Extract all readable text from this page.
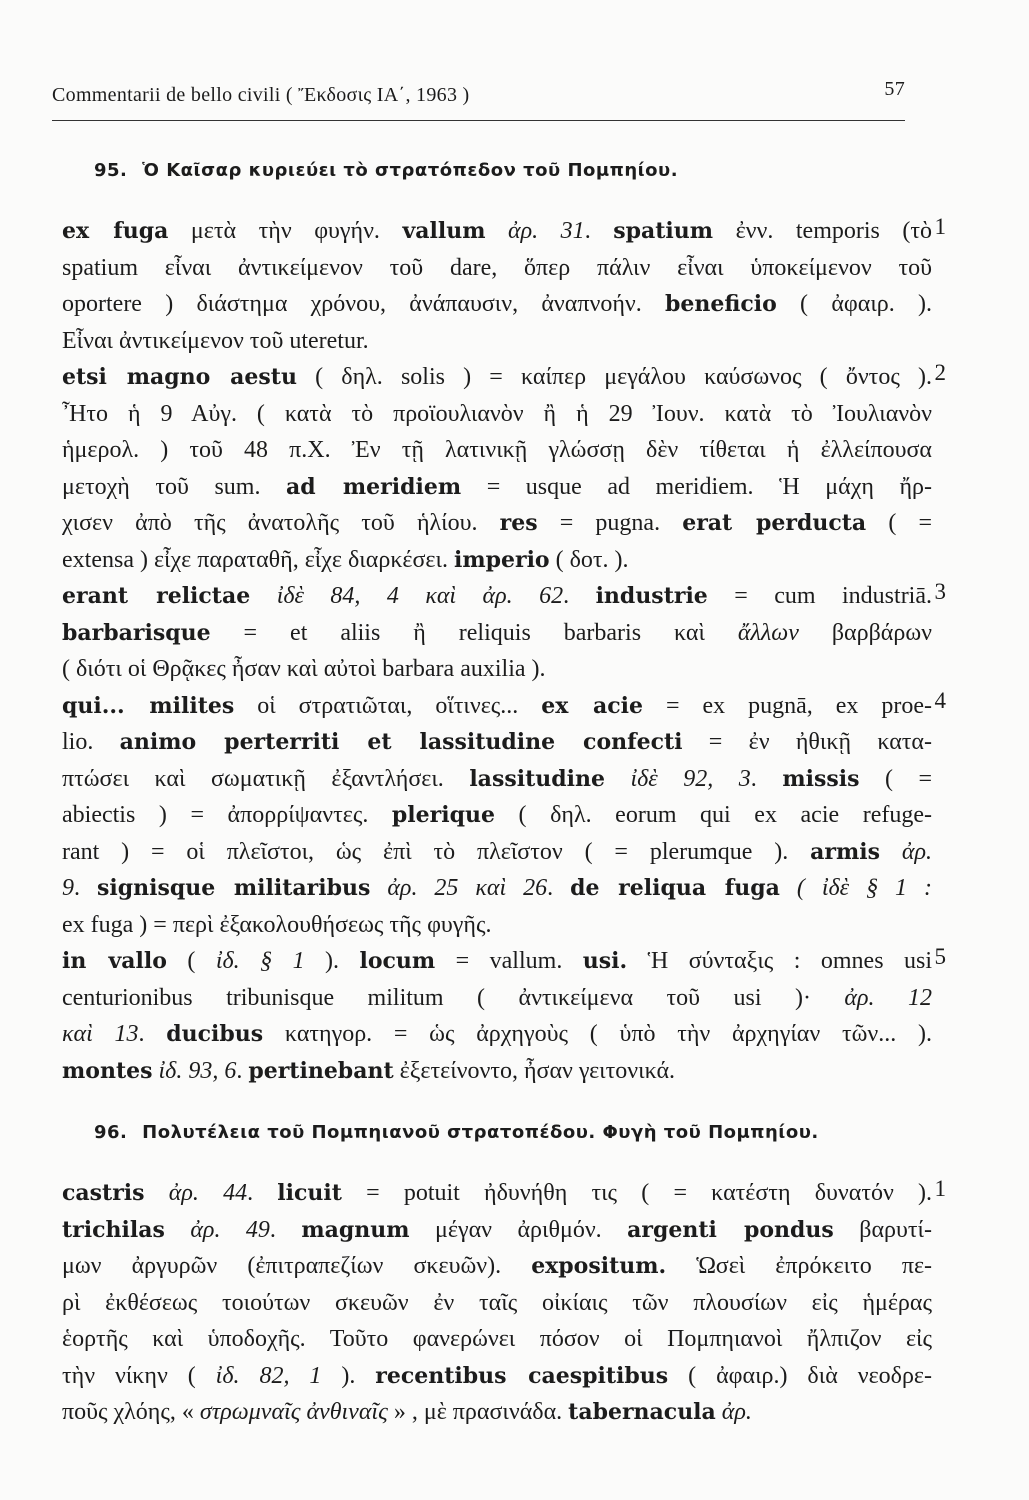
Commentarii de bello civili ( Ἔκδοσις ΙΑ΄, 1963 )	57
95. Ὁ Καῖσαρ κυριεύει τὸ στρατόπεδον τοῦ Πομπηίου.
1
2
3
4
5
ex fuga μετὰ τὴν φυγήν. vallum ἀρ. 31. spatium ἐνν. temporis (τὸ
spatium εἶναι ἀντικείμενον τοῦ dare, ὅπερ πάλιν εἶναι ὑποκείμενον τοῦ
oportere ) διάστημα χρόνου, ἀνάπαυσιν, ἀναπνοήν. beneficio ( ἀφαιρ. ).
Εἶναι ἀντικείμενον τοῦ uteretur.
etsi magno aestu ( δηλ. solis ) = καίπερ μεγάλου καύσωνος ( ὄντος ).
Ἦτο ἡ 9 Αὐγ. ( κατὰ τὸ προϊουλιανὸν ἢ ἡ 29 Ἰουν. κατὰ τὸ Ἰουλιανὸν
ἡμερολ. ) τοῦ 48 π.Χ. Ἐν τῇ λατινικῇ γλώσσῃ δὲν τίθεται ἡ ἐλλείπουσα
μετοχὴ τοῦ sum. ad meridiem = usque ad meridiem. Ἡ μάχη ἤρ-
χισεν ἀπὸ τῆς ἀνατολῆς τοῦ ἡλίου. res = pugna. erat perducta ( =
extensa ) εἶχε παραταθῆ, εἶχε διαρκέσει. imperio ( δοτ. ).
erant relictae ἰδὲ 84, 4 καὶ ἀρ. 62. industrie = cum industriā.
barbarisque = et aliis ἢ reliquis barbaris καὶ ἄλλων βαρβάρων
( διότι οἱ Θρᾷκες ἦσαν καὶ αὐτοὶ barbara auxilia ).
qui... milites οἱ στρατιῶται, οἵτινες... ex acie = ex pugnā, ex proe-
lio. animo perterriti et lassitudine confecti = ἐν ἠθικῇ κατα-
πτώσει καὶ σωματικῇ ἐξαντλήσει. lassitudine ἰδὲ 92, 3. missis ( =
abiectis ) = ἀπορρίψαντες. plerique ( δηλ. eorum qui ex acie refuge-
rant ) = οἱ πλεῖστοι, ὡς ἐπὶ τὸ πλεῖστον ( = plerumque ). armis ἀρ.
9. signisque militaribus ἀρ. 25 καὶ 26. de reliqua fuga ( ἰδὲ § 1 :
ex fuga ) = περὶ ἐξακολουθήσεως τῆς φυγῆς.
in vallo ( ἰδ. § 1 ). locum = vallum. usi. Ἡ σύνταξις : omnes usi
centurionibus tribunisque militum ( ἀντικείμενα τοῦ usi )· ἀρ. 12
καὶ 13. ducibus κατηγορ. = ὡς ἀρχηγοὺς ( ὑπὸ τὴν ἀρχηγίαν τῶν... ).
montes ἰδ. 93, 6. pertinebant ἐξετείνοντο, ἦσαν γειτονικά.
96. Πολυτέλεια τοῦ Πομπηιανοῦ στρατοπέδου. Φυγὴ τοῦ Πομπηίου.
1
castris ἀρ. 44. licuit = potuit ἠδυνήθη τις ( = κατέστη δυνατόν ).
trichilas ἀρ. 49. magnum μέγαν ἀριθμόν. argenti pondus βαρυτί-
μων ἀργυρῶν (ἐπιτραπεζίων σκευῶν). expositum. Ὡσεὶ ἐπρόκειτο πε-
ρὶ ἐκθέσεως τοιούτων σκευῶν ἐν ταῖς οἰκίαις τῶν πλουσίων εἰς ἡμέρας
ἑορτῆς καὶ ὑποδοχῆς. Τοῦτο φανερώνει πόσον οἱ Πομπηιανοὶ ἤλπιζον εἰς
τὴν νίκην ( ἰδ. 82, 1 ). recentibus caespitibus ( ἀφαιρ.) διὰ νεοδρε-
ποῦς χλόης, « στρωμναῖς ἀνθιναῖς » , μὲ πρασινάδα. tabernacula ἀρ.
